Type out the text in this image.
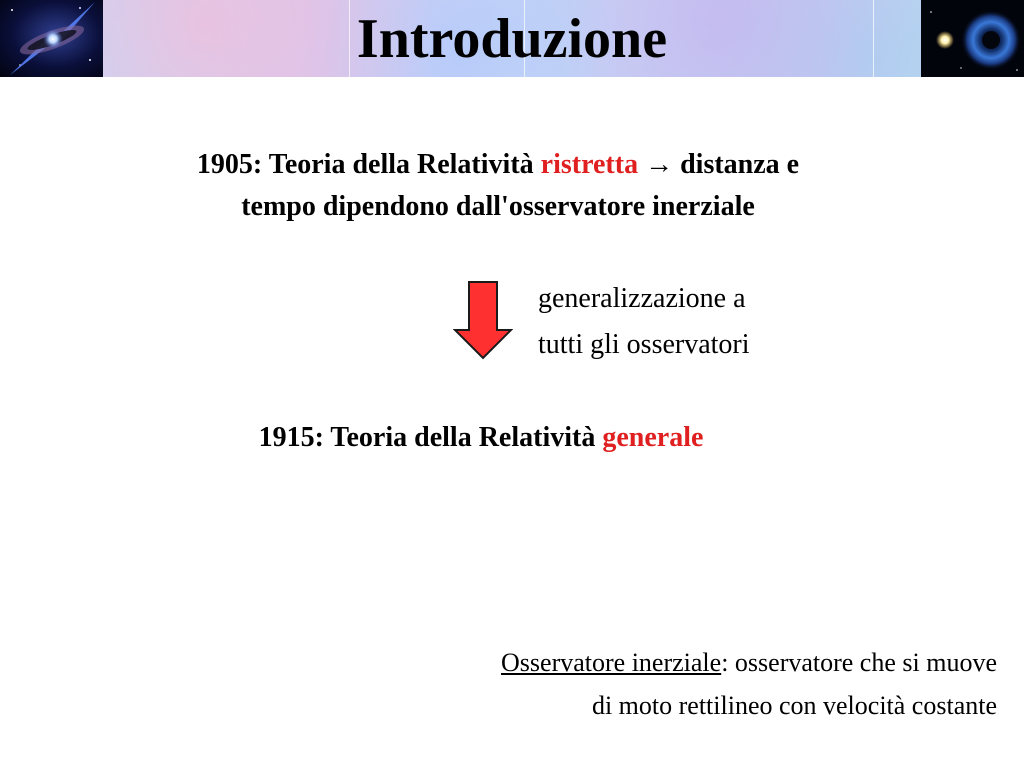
Introduzione
1905: Teoria della Relatività ristretta → distanza e
tempo dipendono dall'osservatore inerziale
generalizzazione a
tutti gli osservatori
1915: Teoria della Relatività generale
Osservatore inerziale: osservatore che si muove
di moto rettilineo con velocità costante
